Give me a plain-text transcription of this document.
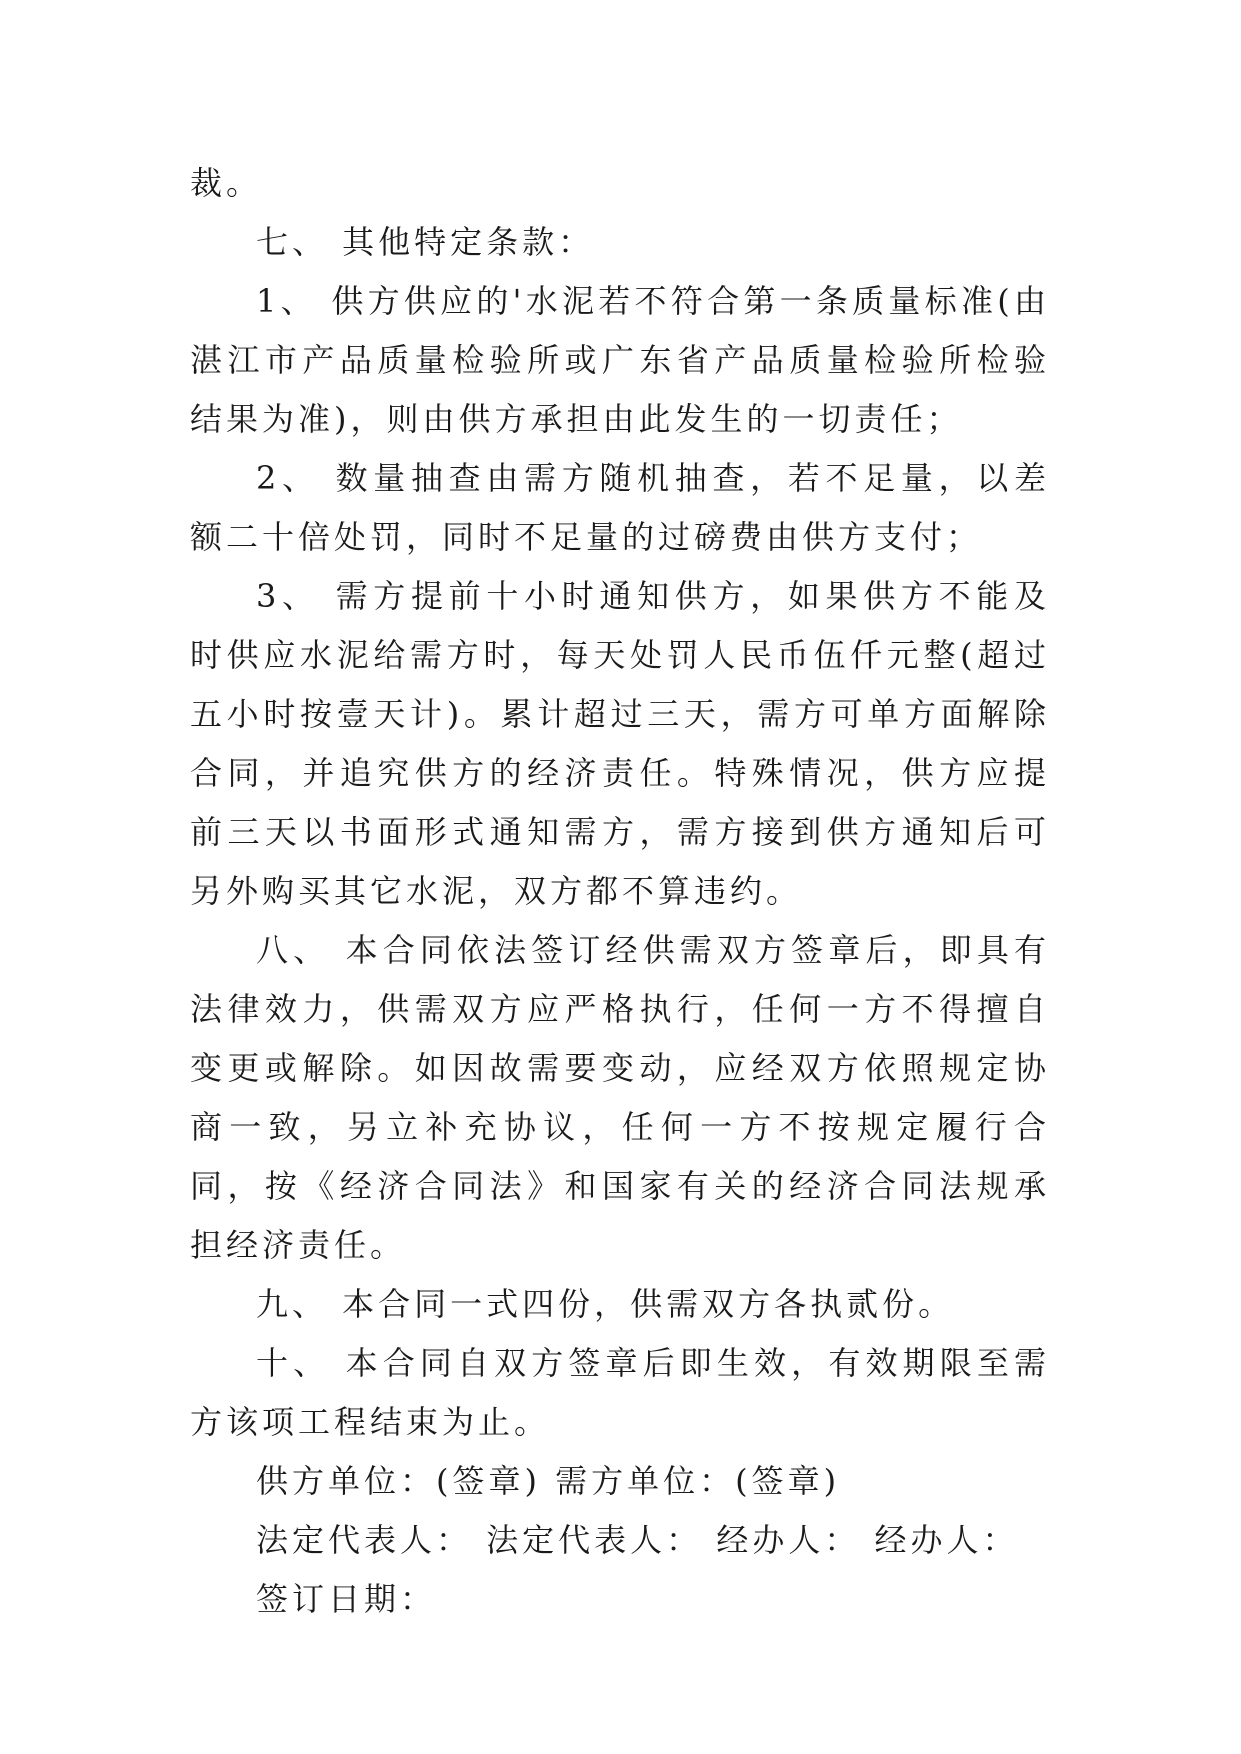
裁。

七、 其他特定条款：

1、 供方供应的'水泥若不符合第一条质量标准(由湛江市产品质量检验所或广东省产品质量检验所检验结果为准)，则由供方承担由此发生的一切责任；

2、 数量抽查由需方随机抽查，若不足量，以差额二十倍处罚，同时不足量的过磅费由供方支付；

3、 需方提前十小时通知供方，如果供方不能及时供应水泥给需方时，每天处罚人民币伍仟元整(超过五小时按壹天计)。累计超过三天，需方可单方面解除合同，并追究供方的经济责任。特殊情况，供方应提前三天以书面形式通知需方，需方接到供方通知后可另外购买其它水泥，双方都不算违约。

八、 本合同依法签订经供需双方签章后，即具有法律效力，供需双方应严格执行，任何一方不得擅自变更或解除。如因故需要变动，应经双方依照规定协商一致，另立补充协议，任何一方不按规定履行合同，按《经济合同法》和国家有关的经济合同法规承担经济责任。

九、 本合同一式四份，供需双方各执贰份。

十、 本合同自双方签章后即生效，有效期限至需方该项工程结束为止。

供方单位：(签章) 需方单位：(签章)

法定代表人： 法定代表人： 经办人： 经办人：

签订日期：
